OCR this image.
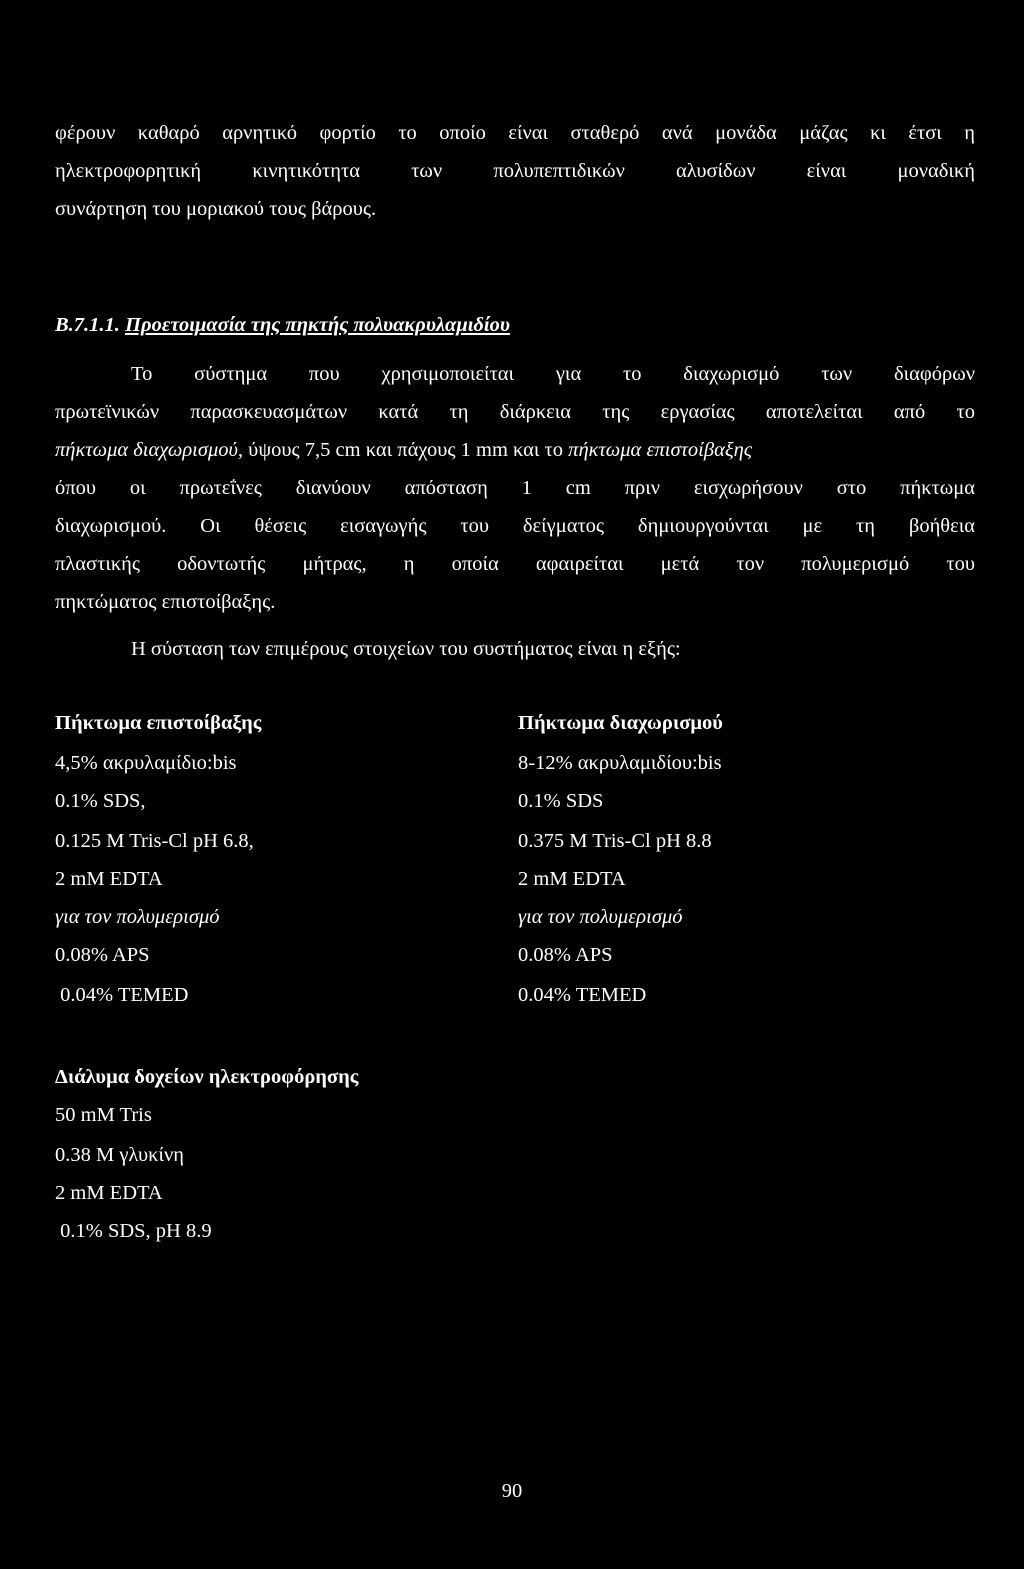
φέρουν καθαρό αρνητικό φορτίο το οποίο είναι σταθερό ανά μονάδα μάζας κι έτσι η
ηλεκτροφορητική κινητικότητα των πολυπεπτιδικών αλυσίδων είναι μοναδική
συνάρτηση του μοριακού τους βάρους.
Β.7.1.1. Προετοιμασία της πηκτής πολυακρυλαμιδίου
Το σύστημα που χρησιμοποιείται για το διαχωρισμό των διαφόρων
πρωτεϊνικών παρασκευασμάτων κατά τη διάρκεια της εργασίας αποτελείται από το
πήκτωμα διαχωρισμού, ύψους 7,5 cm και πάχους 1 mm και το πήκτωμα επιστοίβαξης
όπου οι πρωτεΐνες διανύουν απόσταση 1 cm πριν εισχωρήσουν στο πήκτωμα
διαχωρισμού. Οι θέσεις εισαγωγής του δείγματος δημιουργούνται με τη βοήθεια
πλαστικής οδοντωτής μήτρας, η οποία αφαιρείται μετά τον πολυμερισμό του
πηκτώματος επιστοίβαξης.
Η σύσταση των επιμέρους στοιχείων του συστήματος είναι η εξής:
Πήκτωμα επιστοίβαξης
4,5% ακρυλαμίδιο:bis
0.1% SDS,
0.125 M Tris-Cl pH 6.8,
2 mM EDTA
για τον πολυμερισμό
0.08% APS
0.04% TEMED
Πήκτωμα διαχωρισμού
8-12% ακρυλαμιδίου:bis
0.1% SDS
0.375 M Tris-Cl pH 8.8
2 mM EDTA
για τον πολυμερισμό
0.08% APS
0.04% TEMED
Διάλυμα δοχείων ηλεκτροφόρησης
50 mM Tris
0.38 M γλυκίνη
2 mM EDTA
0.1% SDS, pH 8.9
90
